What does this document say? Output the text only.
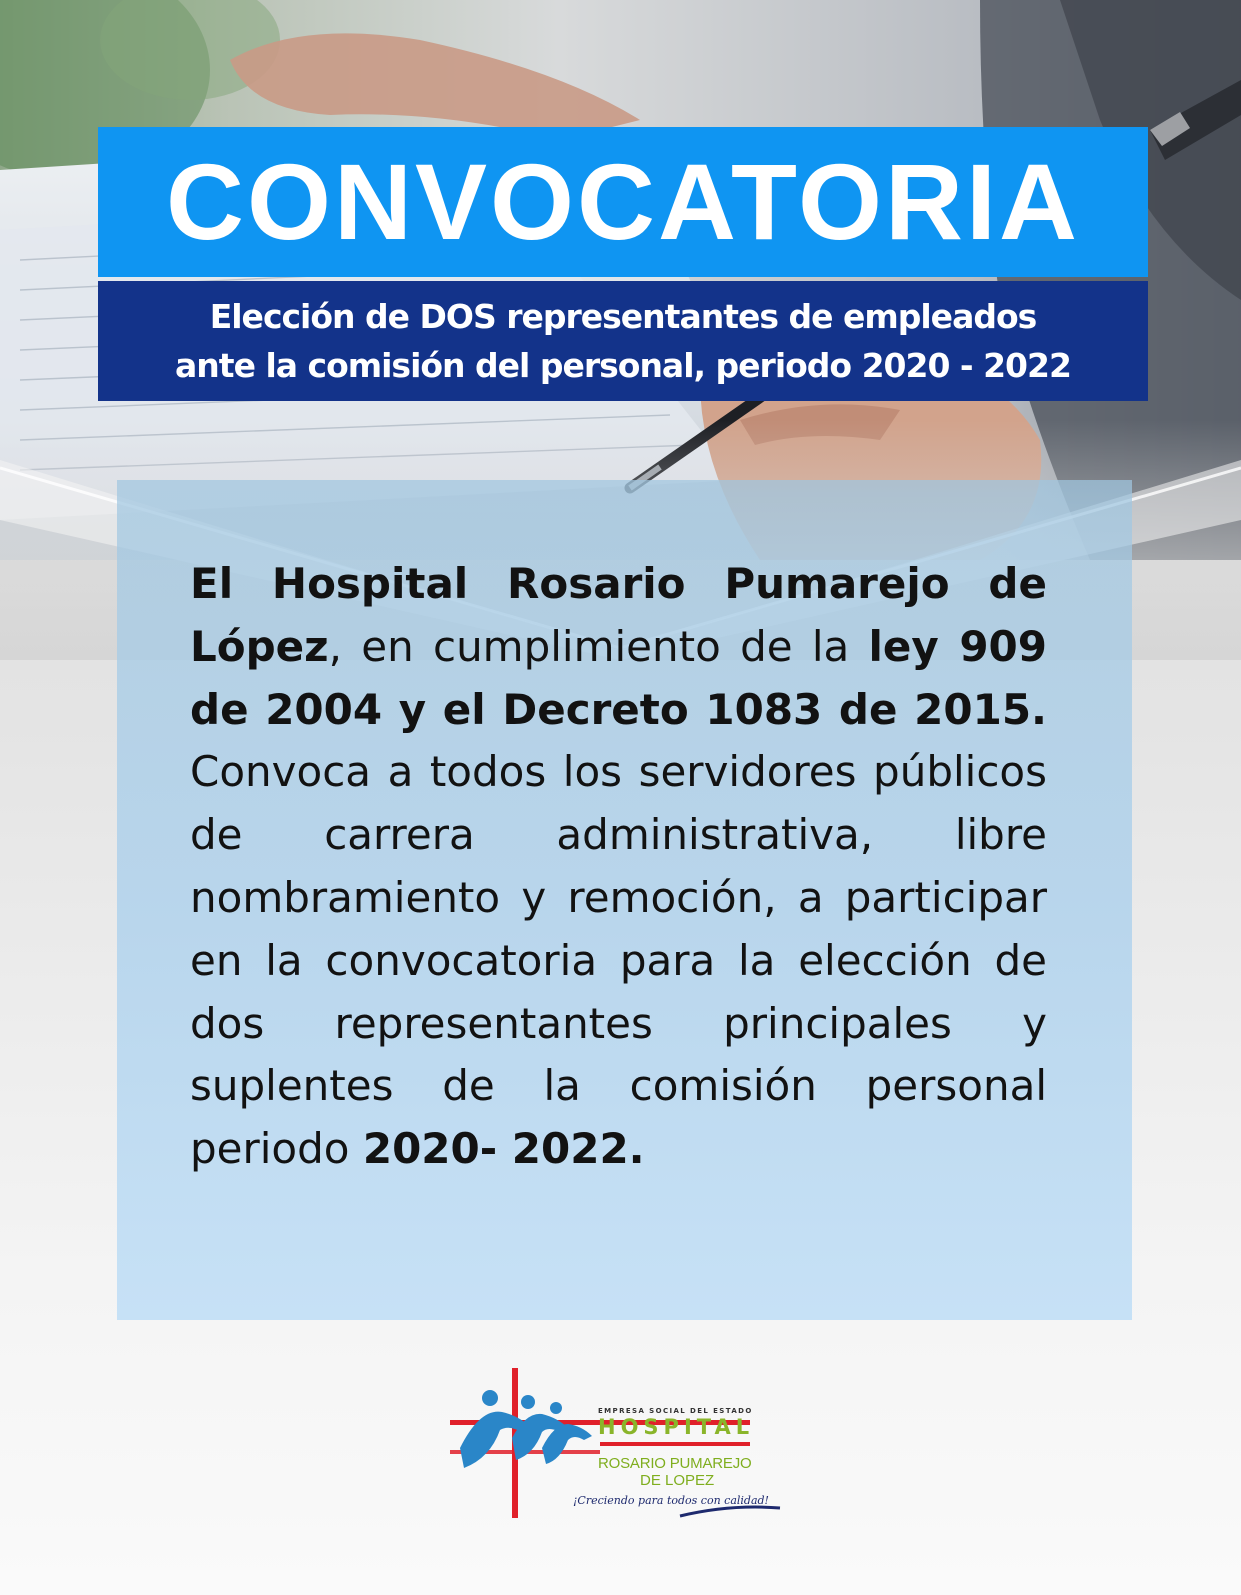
CONVOCATORIA
Elección de DOS representantes de empleados
ante la comisión del personal, periodo 2020 - 2022

El Hospital Rosario Pumarejo de López, en cumplimiento de la ley 909 de 2004 y el Decreto 1083 de 2015. Convoca a todos los servidores públicos de carrera administrativa, libre nombramiento y remoción, a participar en la convocatoria para la elección de dos representantes principales y suplentes de la comisión personal periodo 2020- 2022.

EMPRESA SOCIAL DEL ESTADO
HOSPITAL
ROSARIO PUMAREJO
DE LOPEZ
¡Creciendo para todos con calidad!
